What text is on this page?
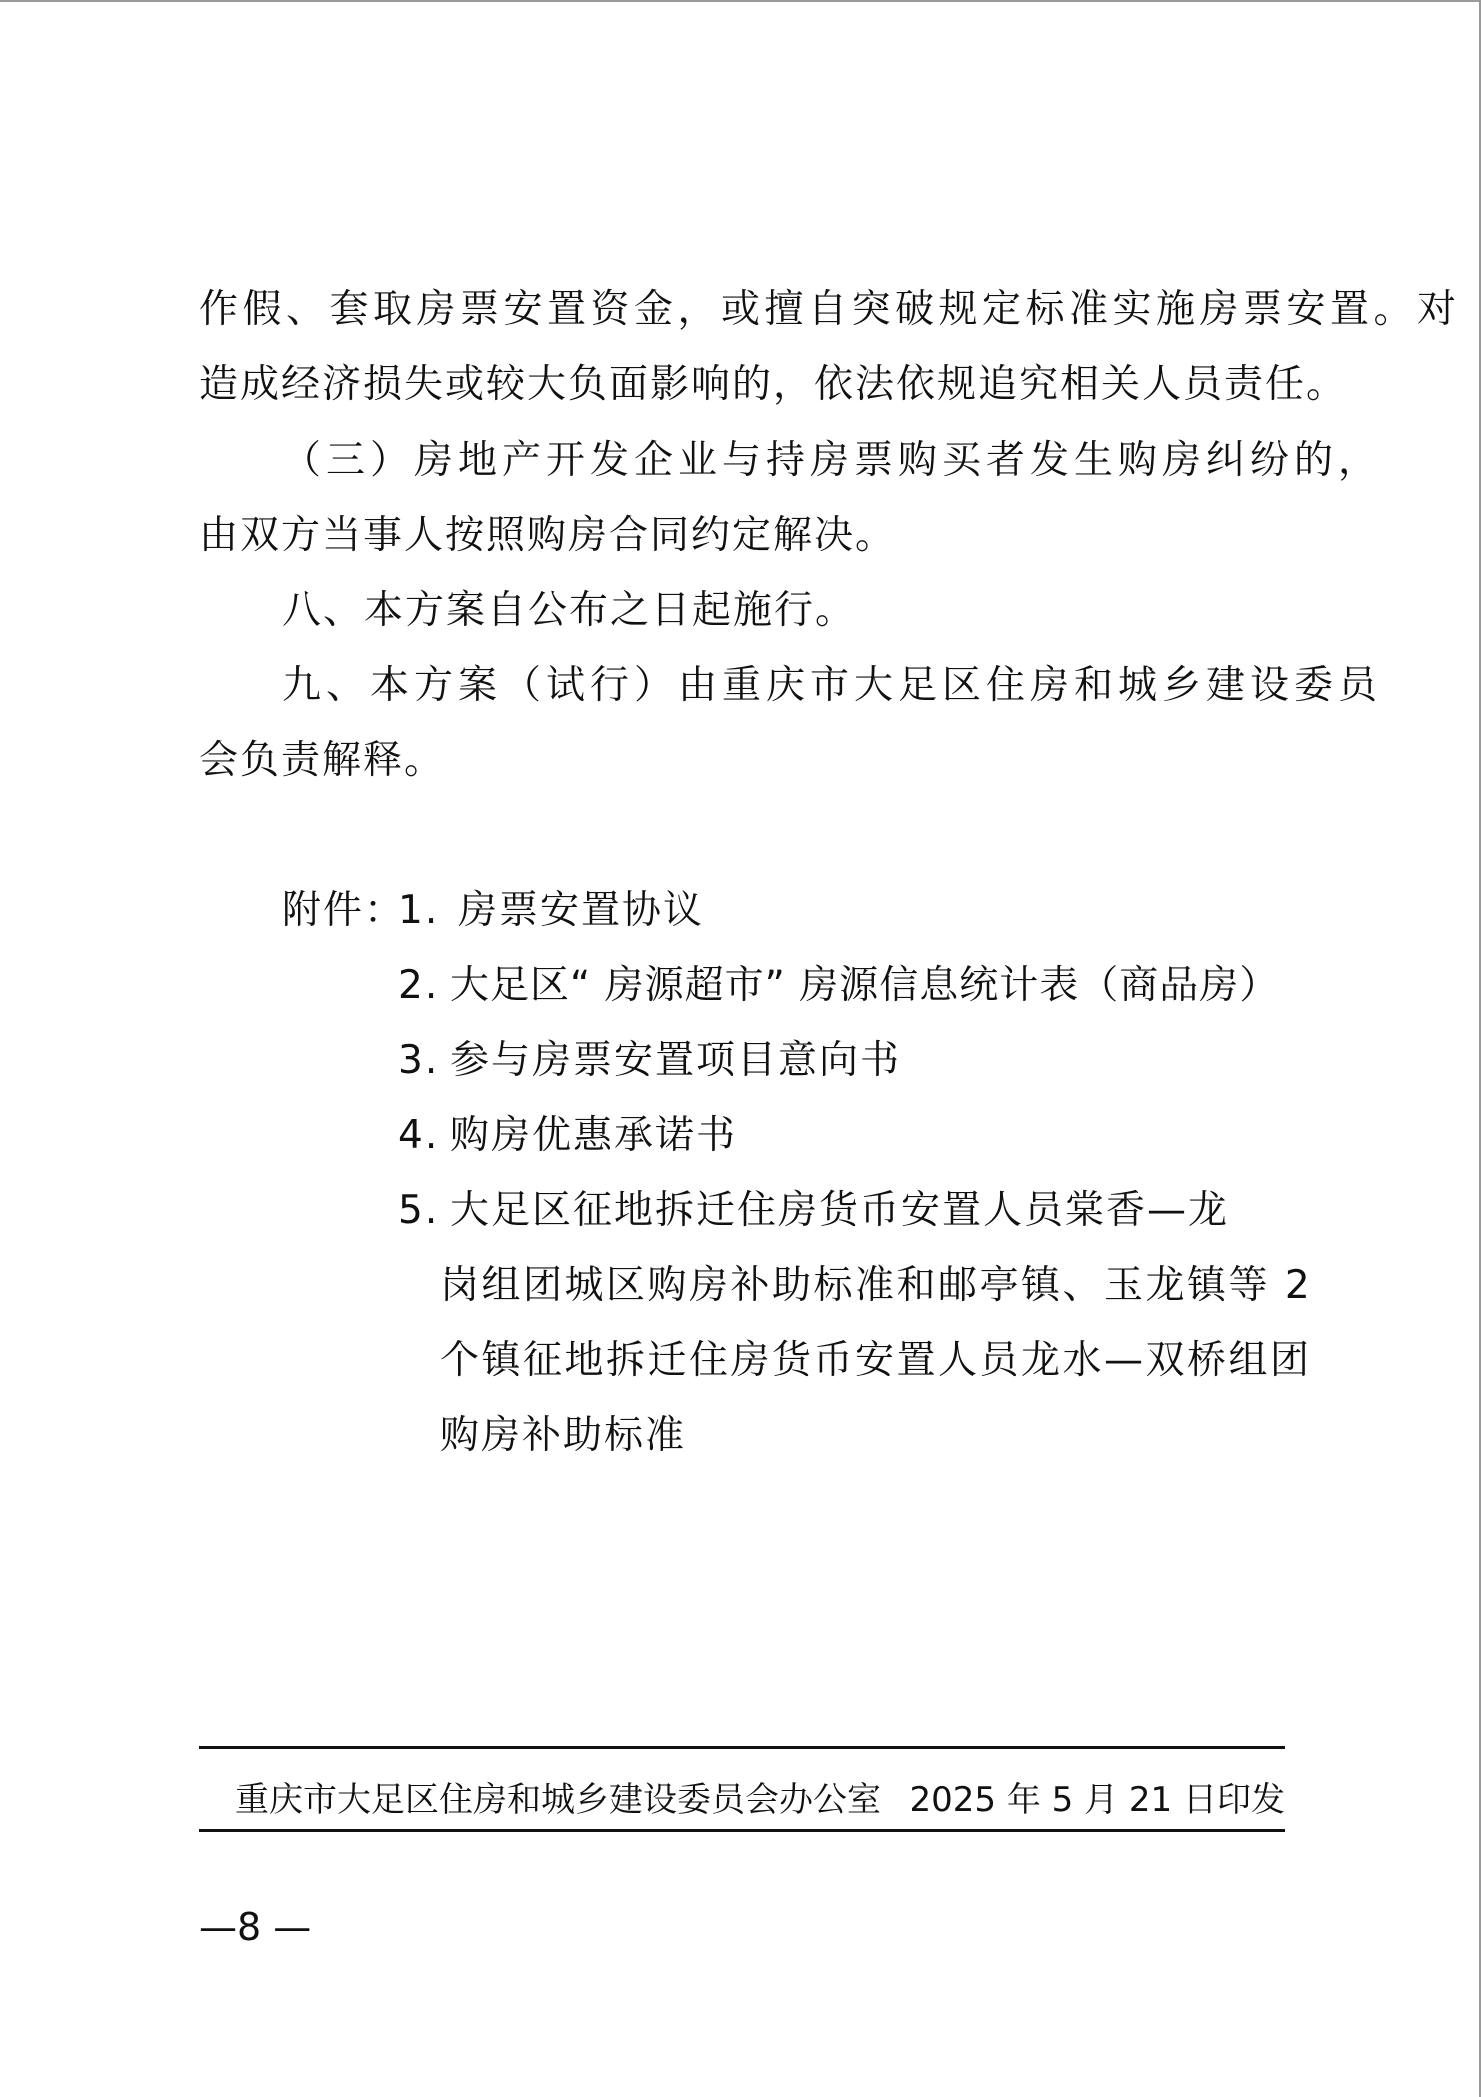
作假、套取房票安置资金，或擅自突破规定标准实施房票安置。对
造成经济损失或较大负面影响的，依法依规追究相关人员责任。
（三）房地产开发企业与持房票购买者发生购房纠纷的，
由双方当事人按照购房合同约定解决。
八、本方案自公布之日起施行。
九、本方案（试行）由重庆市大足区住房和城乡建设委员
会负责解释。
附件：
1. 房票安置协议
2. 大足区“ 房源超市” 房源信息统计表（商品房）
3. 参与房票安置项目意向书
4. 购房优惠承诺书
5. 大足区征地拆迁住房货币安置人员棠香—龙
岗组团城区购房补助标准和邮亭镇、玉龙镇等 2
个镇征地拆迁住房货币安置人员龙水—双桥组团
购房补助标准
重庆市大足区住房和城乡建设委员会办公室 2025 年 5 月 21 日印发
—8 —
